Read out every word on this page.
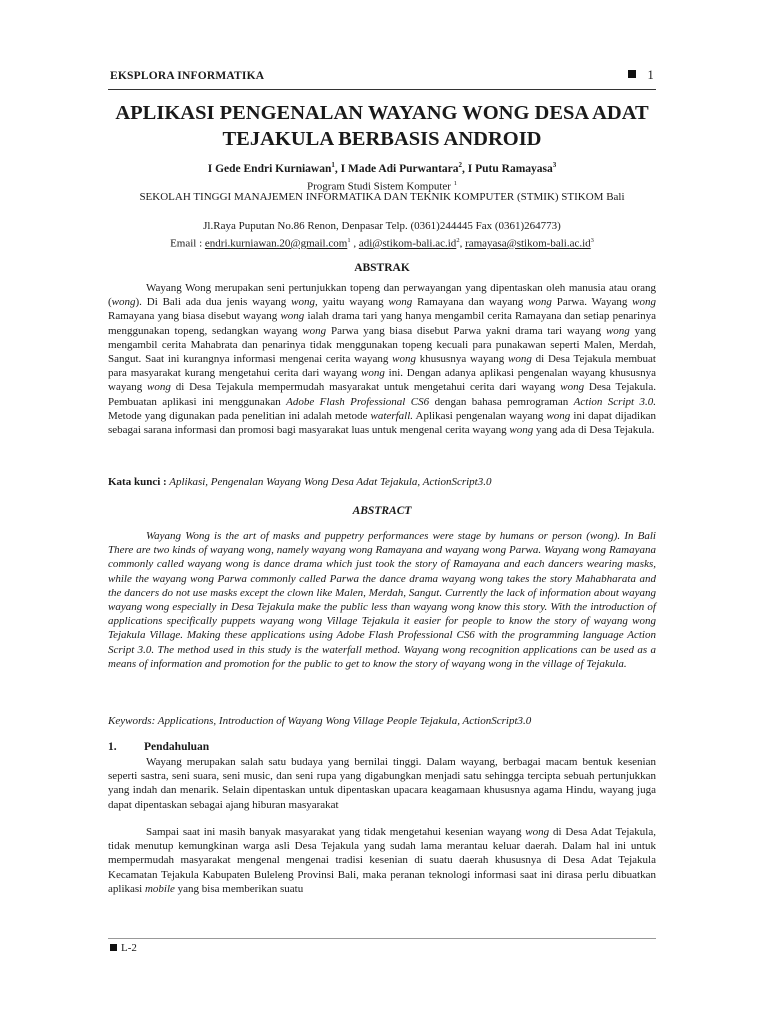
EKSPLORA INFORMATIKA	1
APLIKASI PENGENALAN WAYANG WONG DESA ADAT TEJAKULA BERBASIS ANDROID
I Gede Endri Kurniawan$^1$, I Made Adi Purwantara$^2$, I Putu Ramayasa$^3$
Program Studi Sistem Komputer $^1$
SEKOLAH TINGGI MANAJEMEN INFORMATIKA DAN TEKNIK KOMPUTER (STMIK) STIKOM Bali
Jl.Raya Puputan No.86 Renon, Denpasar Telp. (0361)244445 Fax (0361)264773)
Email : endri.kurniawan.20@gmail.com$^1$ , $adi@stikom-bali.ac.id^2$, $ramayasa@stikom-bali.ac.id^3$
ABSTRAK

Wayang Wong merupakan seni pertunjukkan topeng dan perwayangan yang dipentaskan oleh manusia atau orang (wong). Di Bali ada dua jenis wayang wong, yaitu wayang wong Ramayana dan wayang wong Parwa. Wayang wong Ramayana yang biasa disebut wayang wong ialah drama tari yang hanya mengambil cerita Ramayana dan setiap penarinya menggunakan topeng, sedangkan wayang wong Parwa yang biasa disebut Parwa yakni drama tari wayang wong yang mengambil cerita Mahabrata dan penarinya tidak menggunakan topeng kecuali para punakawan seperti Malen, Merdah, Sangut. Saat ini kurangnya informasi mengenai cerita wayang wong khususnya wayang wong di Desa Tejakula membuat para masyarakat kurang mengetahui cerita dari wayang wong ini. Dengan adanya aplikasi pengenalan wayang khususnya wayang wong di Desa Tejakula mempermudah masyarakat untuk mengetahui cerita dari wayang wong Desa Tejakula. Pembuatan aplikasi ini menggunakan Adobe Flash Professional CS6 dengan bahasa pemrograman Action Script 3.0. Metode yang digunakan pada penelitian ini adalah metode waterfall. Aplikasi pengenalan wayang wong ini dapat dijadikan sebagai sarana informasi dan promosi bagi masyarakat luas untuk mengenal cerita wayang wong yang ada di Desa Tejakula.

Kata kunci : Aplikasi, Pengenalan Wayang Wong Desa Adat Tejakula, ActionScript3.0

ABSTRACT

Wayang Wong is the art of masks and puppetry performances were stage by humans or person (wong). In Bali There are two kinds of wayang wong, namely wayang wong Ramayana and wayang wong Parwa. Wayang wong Ramayana commonly called wayang wong is dance drama which just took the story of Ramayana and each dancers wearing masks, while the wayang wong Parwa commonly called Parwa the dance drama wayang wong takes the story Mahabharata and the dancers do not use masks except the clown like Malen, Merdah, Sangut. Currently the lack of information about wayang wayang wong especially in Desa Tejakula make the public less than wayang wong know this story. With the introduction of applications specifically puppets wayang wong Village Tejakula it easier for people to know the story of wayang wong Tejakula Village. Making these applications using Adobe Flash Professional CS6 with the programming language Action Script 3.0. The method used in this study is the waterfall method. Wayang wong recognition applications can be used as a means of information and promotion for the public to get to know the story of wayang wong in the village of Tejakula.

Keywords: Applications, Introduction of Wayang Wong Village People Tejakula, ActionScript3.0

1. Pendahuluan

Wayang merupakan salah satu budaya yang bernilai tinggi. Dalam wayang, berbagai macam bentuk kesenian seperti sastra, seni suara, seni music, dan seni rupa yang digabungkan menjadi satu sehingga tercipta sebuah pertunjukkan yang indah dan menarik. Selain dipentaskan untuk dipentaskan upacara keagamaan khususnya agama Hindu, wayang juga dapat dipentaskan sebagai ajang hiburan masyarakat

Sampai saat ini masih banyak masyarakat yang tidak mengetahui kesenian wayang wong di Desa Adat Tejakula, tidak menutup kemungkinan warga asli Desa Tejakula yang sudah lama merantau keluar daerah. Dalam hal ini untuk mempermudah masyarakat mengenal mengenai tradisi kesenian di suatu daerah khususnya di Desa Adat Tejakula Kecamatan Tejakula Kabupaten Buleleng Provinsi Bali, maka peranan teknologi informasi saat ini dirasa perlu dibuatkan aplikasi mobile yang bisa memberikan suatu

L-2
